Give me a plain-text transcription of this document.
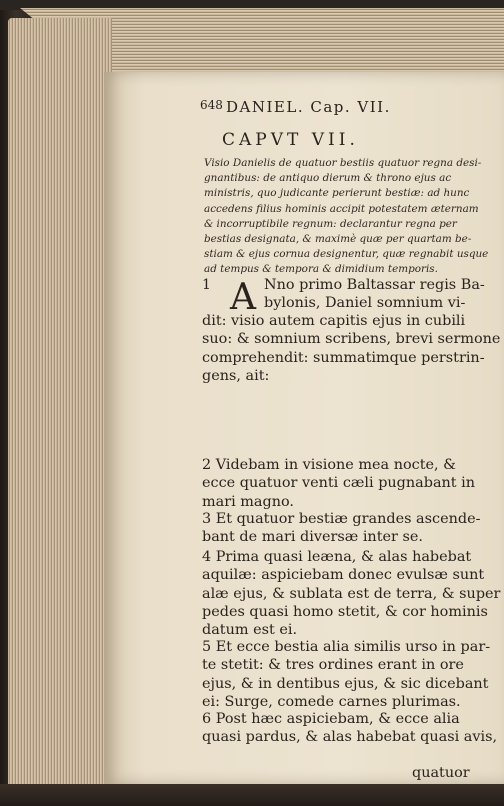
648 DANIEL. Cap. VII.
CAPVT VII.
Visio Danielis de quatuor bestiis quatuor regna desi-
gnantibus: de antiquo dierum & throno ejus ac
ministris, quo judicante perierunt bestiæ: ad hunc
accedens filius hominis accipit potestatem æternam
& incorruptibile regnum: declarantur regna per
bestias designata, & maximè quæ per quartam be-
stiam & ejus cornua designentur, quæ regnabit usque
ad tempus & tempora & dimidium temporis.
1 A Nno primo Baltassar regis Ba-
bylonis, Daniel somnium vi-
dit: visio autem capitis ejus in cubili
suo: & somnium scribens, brevi sermone
comprehendit: summatimque perstrin-
gens, ait:
2 Videbam in visione mea nocte, &
ecce quatuor venti cæli pugnabant in
mari magno.
3 Et quatuor bestiæ grandes ascende-
bant de mari diversæ inter se.
4 Prima quasi leæna, & alas habebat
aquilæ: aspiciebam donec evulsæ sunt
alæ ejus, & sublata est de terra, & super
pedes quasi homo stetit, & cor hominis
datum est ei.
5 Et ecce bestia alia similis urso in par-
te stetit: & tres ordines erant in ore
ejus, & in dentibus ejus, & sic dicebant
ei: Surge, comede carnes plurimas.
6 Post hæc aspiciebam, & ecce alia
quasi pardus, & alas habebat quasi avis,
quatuor
